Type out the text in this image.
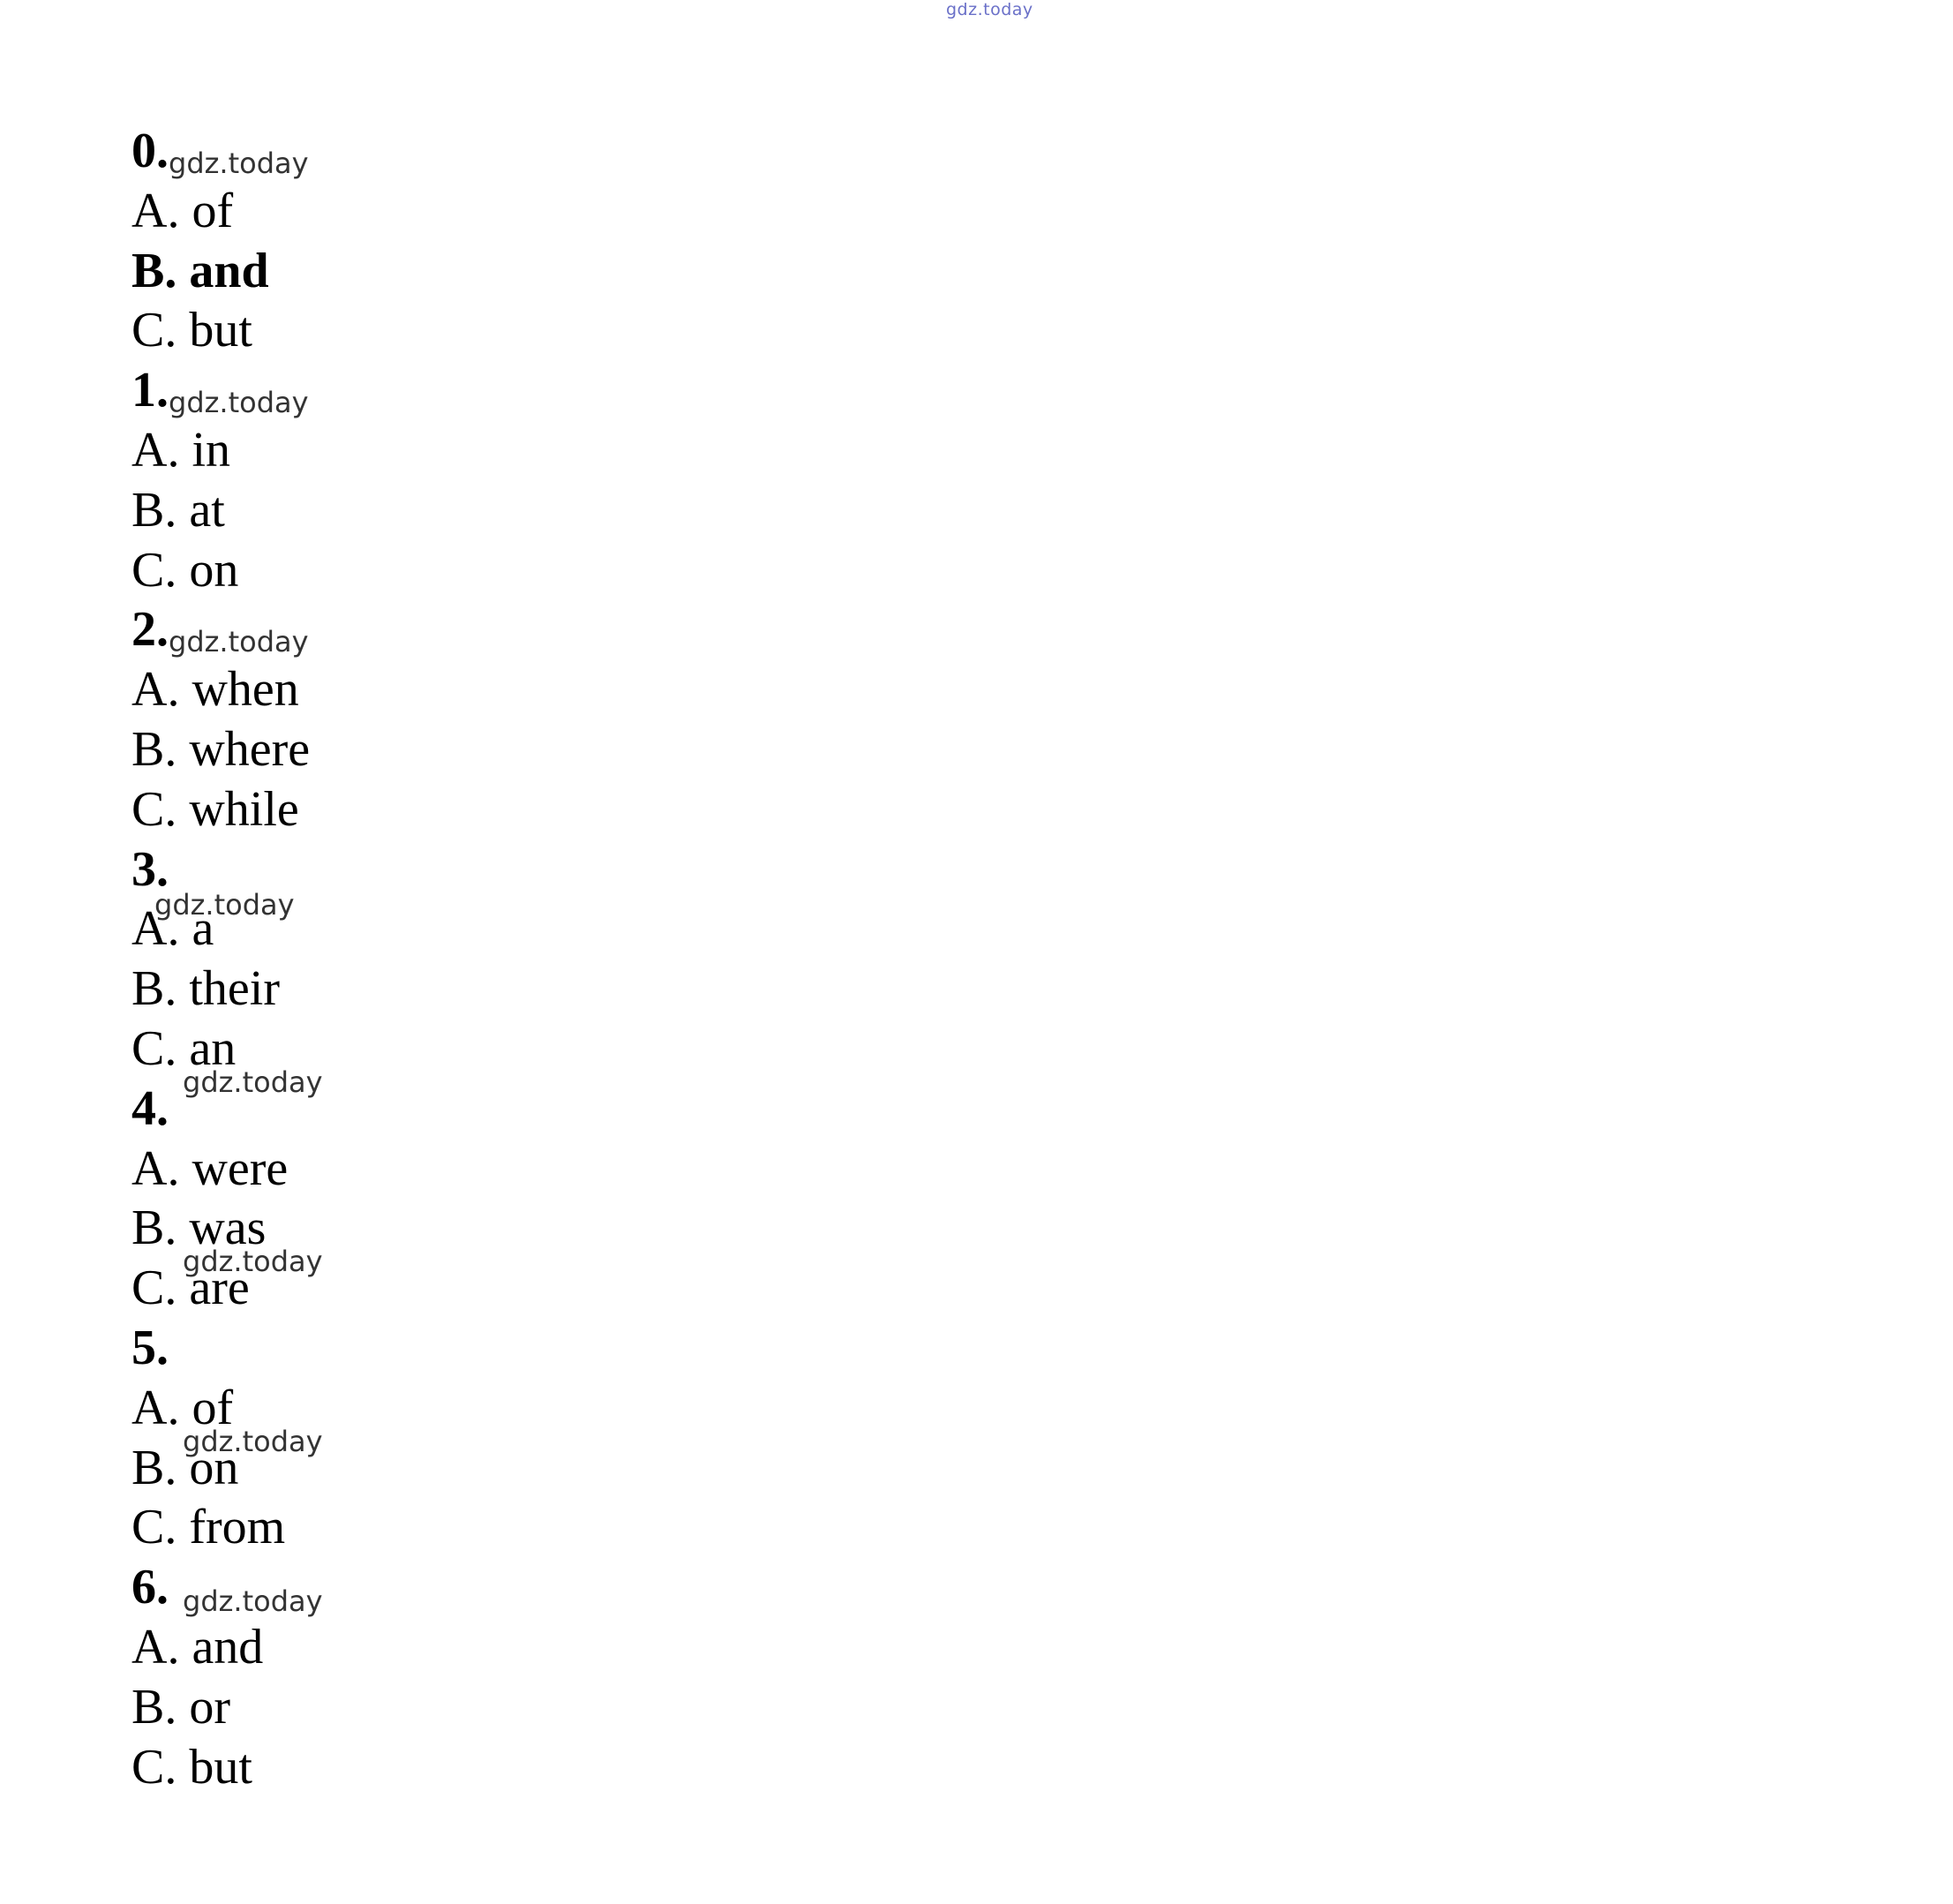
gdz.today
0. gdz.today
A. of
B. and
C. but
1. gdz.today
A. in
B. at
C. on
2. gdz.today
A. when
B. where
C. while
3.
gdz.today
A. a
B. their
C. an
4. gdz.today
A. were
B. was
C. are
gdz.today
5.
A. of
B. on
gdz.today
C. from
6. gdz.today
A. and
B. or
C. but
